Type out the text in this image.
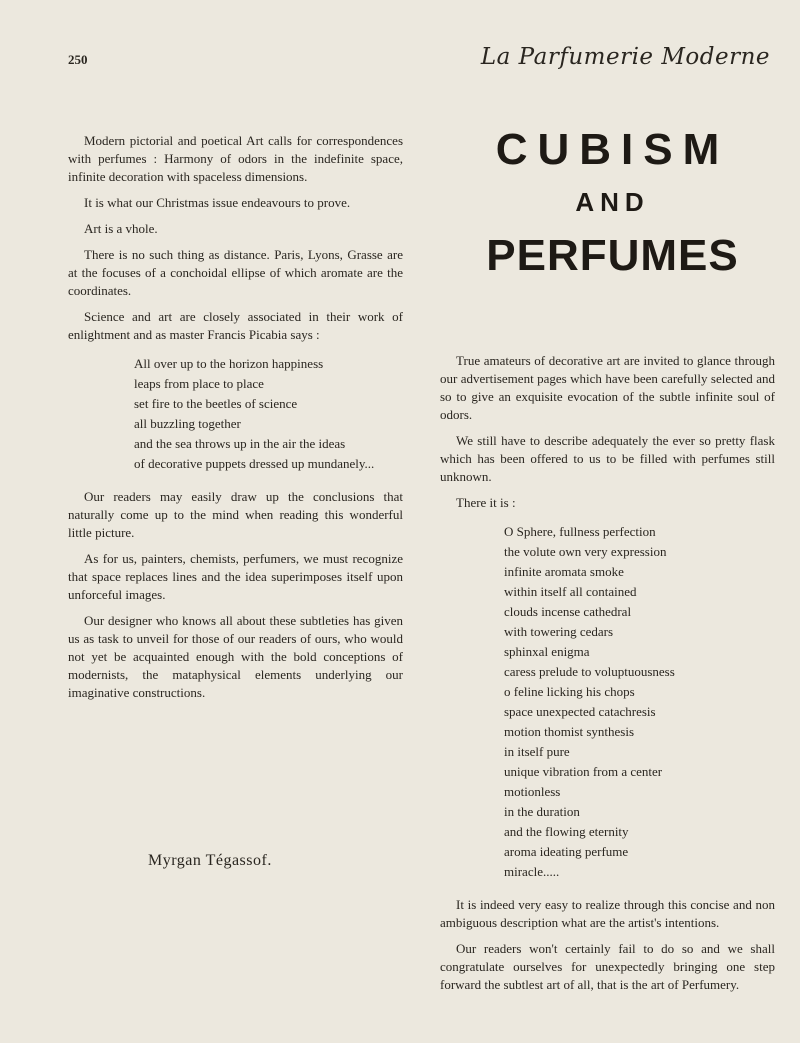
250	La Parfumerie Moderne

Modern pictorial and poetical Art calls for correspondences with perfumes : Harmony of odors in the indefinite space, infinite decoration with spaceless dimensions.

It is what our Christmas issue endeavours to prove.

Art is a vhole.

There is no such thing as distance. Paris, Lyons, Grasse are at the focuses of a conchoidal ellipse of which aromate are the coordinates.

Science and art are closely associated in their work of enlightment and as master Francis Picabia says :

All over up to the horizon happiness
leaps from place to place
set fire to the beetles of science
all buzzling together
and the sea throws up in the air the ideas
of decorative puppets dressed up mundanely...

Our readers may easily draw up the conclusions that naturally come up to the mind when reading this wonderful little picture.

As for us, painters, chemists, perfumers, we must recognize that space replaces lines and the idea superimposes itself upon unforceful images.

Our designer who knows all about these subtleties has given us as task to unveil for those of our readers of ours, who would not yet be acquainted enough with the bold conceptions of modernists, the mataphysical elements underlying our imaginative constructions.

Myrgan Tégassof.
CUBISM
AND
PERFUMES

True amateurs of decorative art are invited to glance through our advertisement pages which have been carefully selected and so to give an exquisite evocation of the subtle infinite soul of odors.

We still have to describe adequately the ever so pretty flask which has been offered to us to be filled with perfumes still unknown.

There it is :

O Sphere, fullness perfection
the volute own very expression
infinite aromata smoke
within itself all contained
clouds incense cathedral
with towering cedars
sphinxal enigma
caress prelude to voluptuousness
o feline licking his chops
space unexpected catachresis
motion thomist synthesis
in itself pure
unique vibration from a center
motionless
in the duration
and the flowing eternity
aroma ideating perfume
miracle.....

It is indeed very easy to realize through this concise and non ambiguous description what are the artist's intentions.

Our readers won't certainly fail to do so and we shall congratulate ourselves for unexpectedly bringing one step forward the subtlest art of all, that is the art of Perfumery.
